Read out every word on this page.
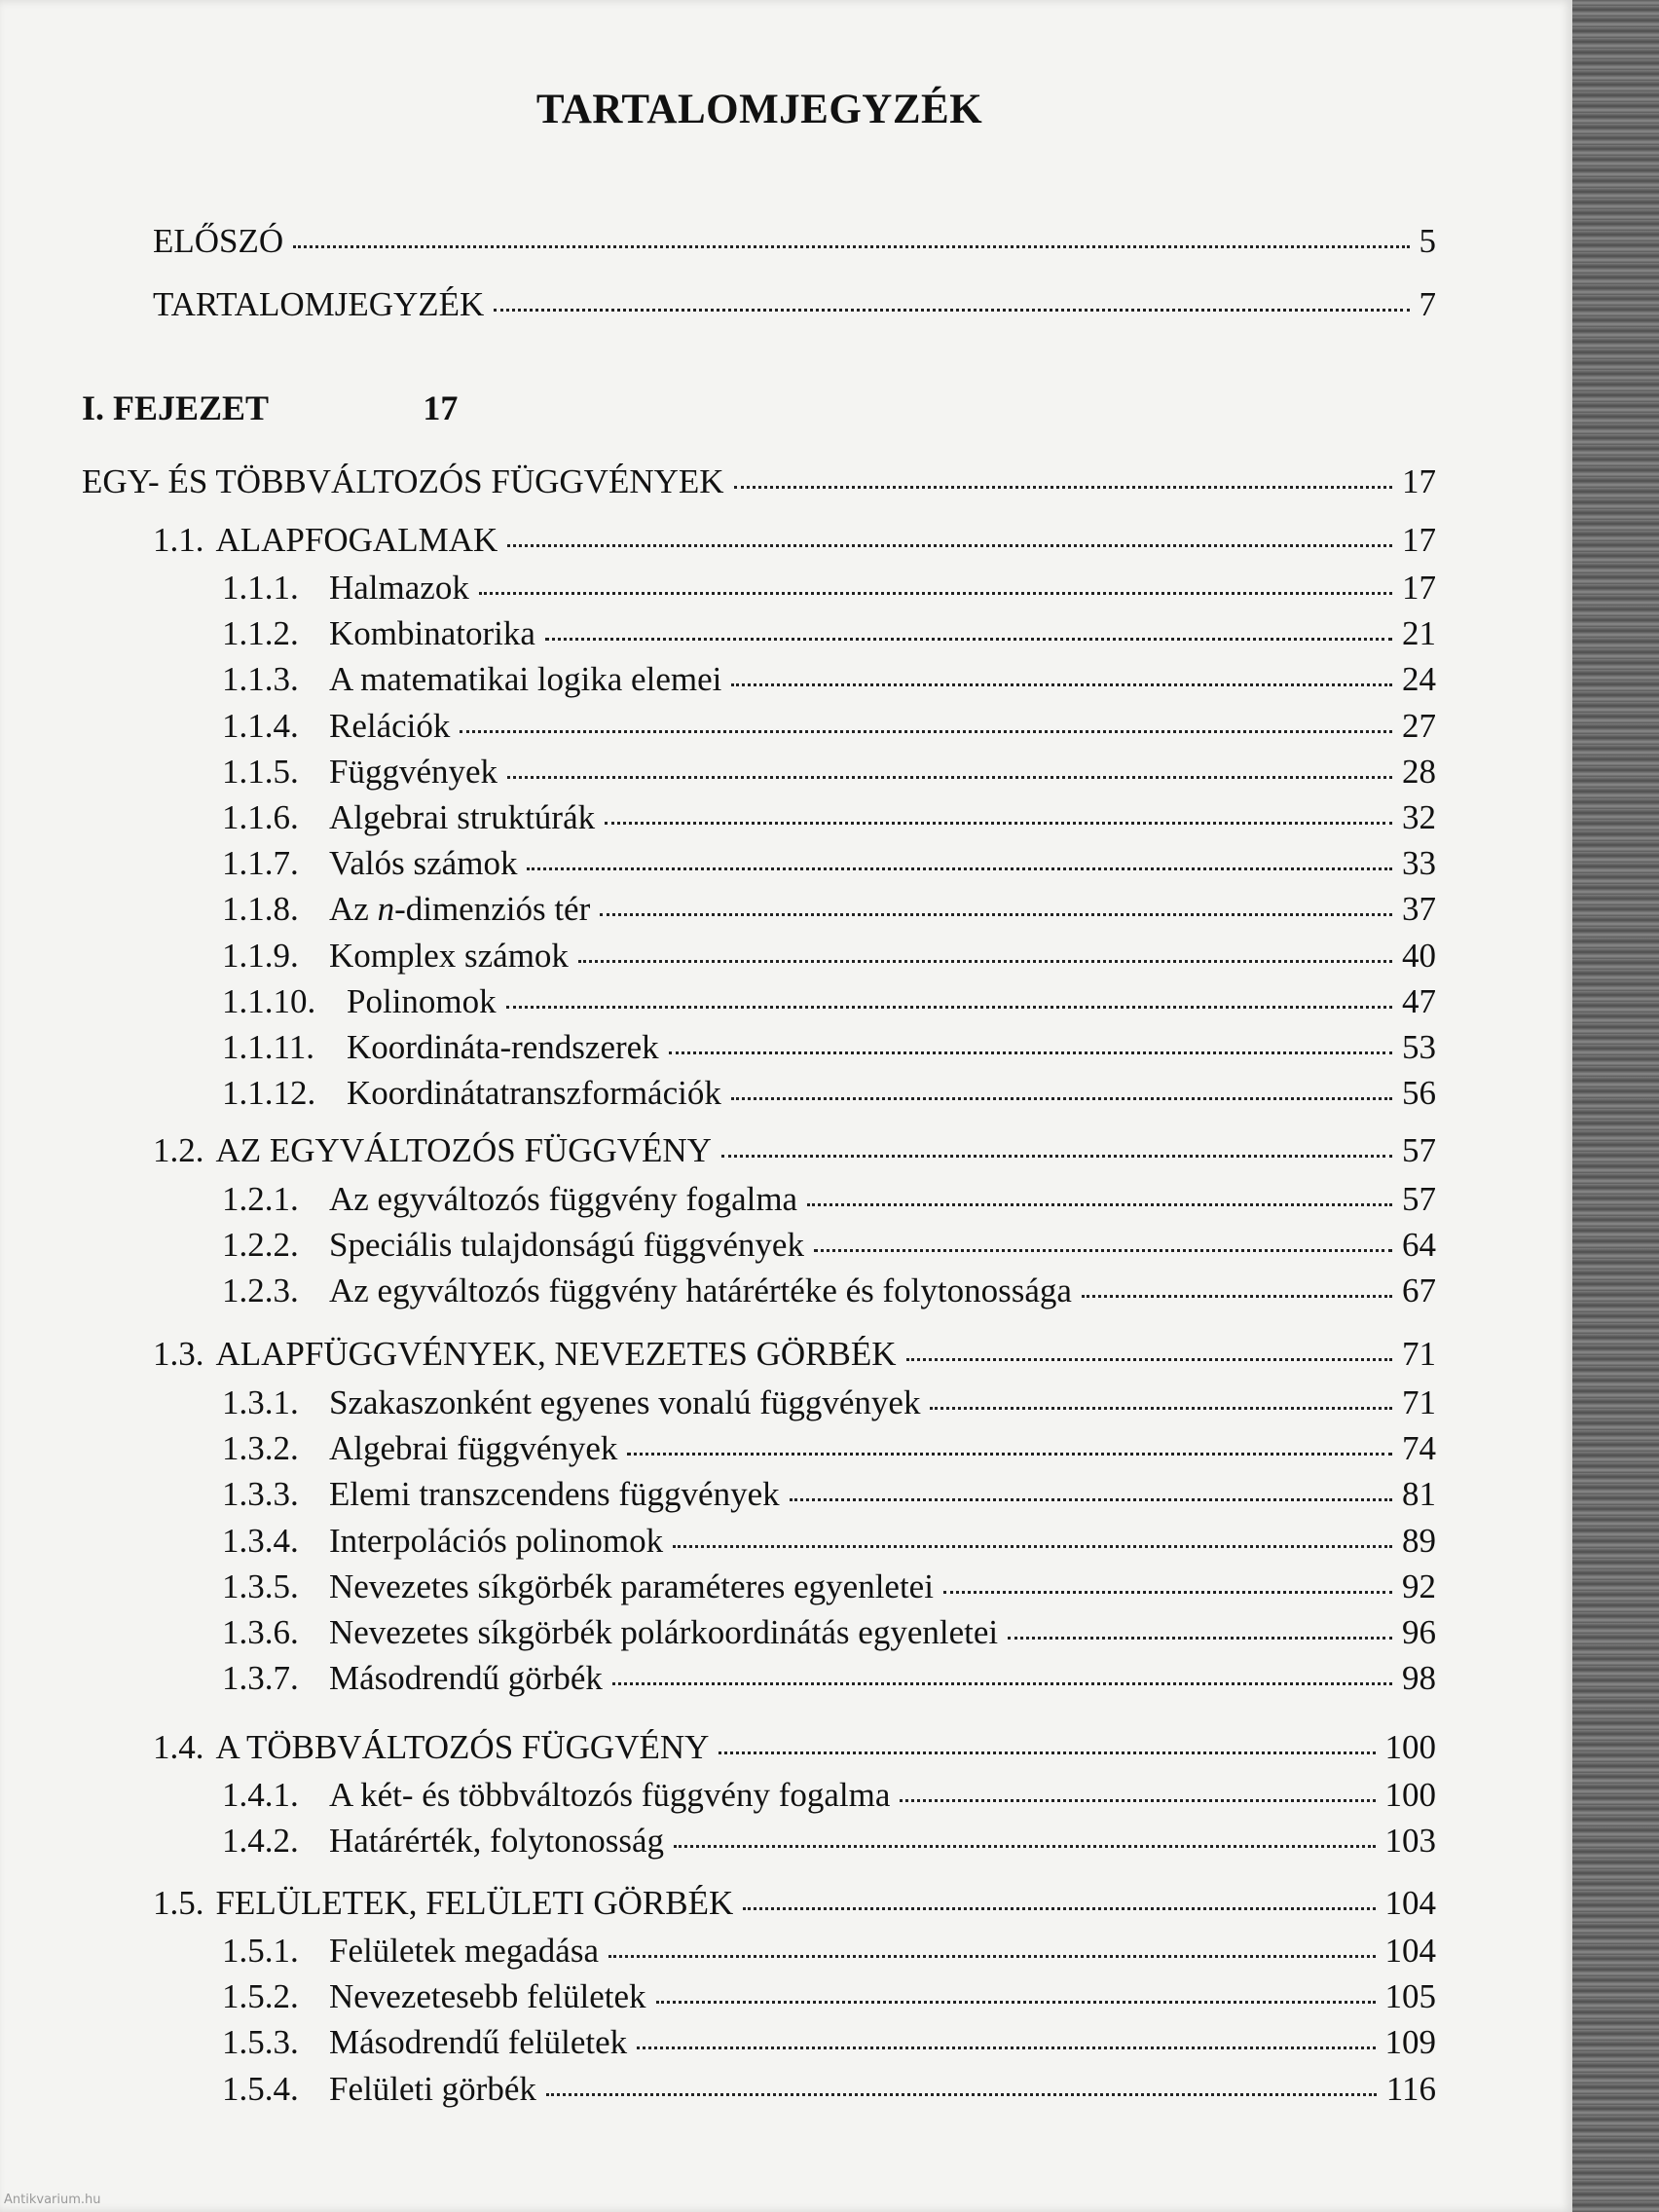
TARTALOMJEGYZÉK
ELŐSZÓ	5
TARTALOMJEGYZÉK	7
I. FEJEZET	17
EGY- ÉS TÖBBVÁLTOZÓS FÜGGVÉNYEK	17
1.1. ALAPFOGALMAK	17
1.1.1. Halmazok	17
1.1.2. Kombinatorika	21
1.1.3. A matematikai logika elemei	24
1.1.4. Relációk	27
1.1.5. Függvények	28
1.1.6. Algebrai struktúrák	32
1.1.7. Valós számok	33
1.1.8. Az n-dimenziós tér	37
1.1.9. Komplex számok	40
1.1.10. Polinomok	47
1.1.11. Koordináta-rendszerek	53
1.1.12. Koordinátatranszformációk	56
1.2. AZ EGYVÁLTOZÓS FÜGGVÉNY	57
1.2.1. Az egyváltozós függvény fogalma	57
1.2.2. Speciális tulajdonságú függvények	64
1.2.3. Az egyváltozós függvény határértéke és folytonossága	67
1.3. ALAPFÜGGVÉNYEK, NEVEZETES GÖRBÉK	71
1.3.1. Szakaszonként egyenes vonalú függvények	71
1.3.2. Algebrai függvények	74
1.3.3. Elemi transzcendens függvények	81
1.3.4. Interpolációs polinomok	89
1.3.5. Nevezetes síkgörbék paraméteres egyenletei	92
1.3.6. Nevezetes síkgörbék polárkoordinátás egyenletei	96
1.3.7. Másodrendű görbék	98
1.4. A TÖBBVÁLTOZÓS FÜGGVÉNY	100
1.4.1. A két- és többváltozós függvény fogalma	100
1.4.2. Határérték, folytonosság	103
1.5. FELÜLETEK, FELÜLETI GÖRBÉK	104
1.5.1. Felületek megadása	104
1.5.2. Nevezetesebb felületek	105
1.5.3. Másodrendű felületek	109
1.5.4. Felületi görbék	116
Antikvarium.hu
